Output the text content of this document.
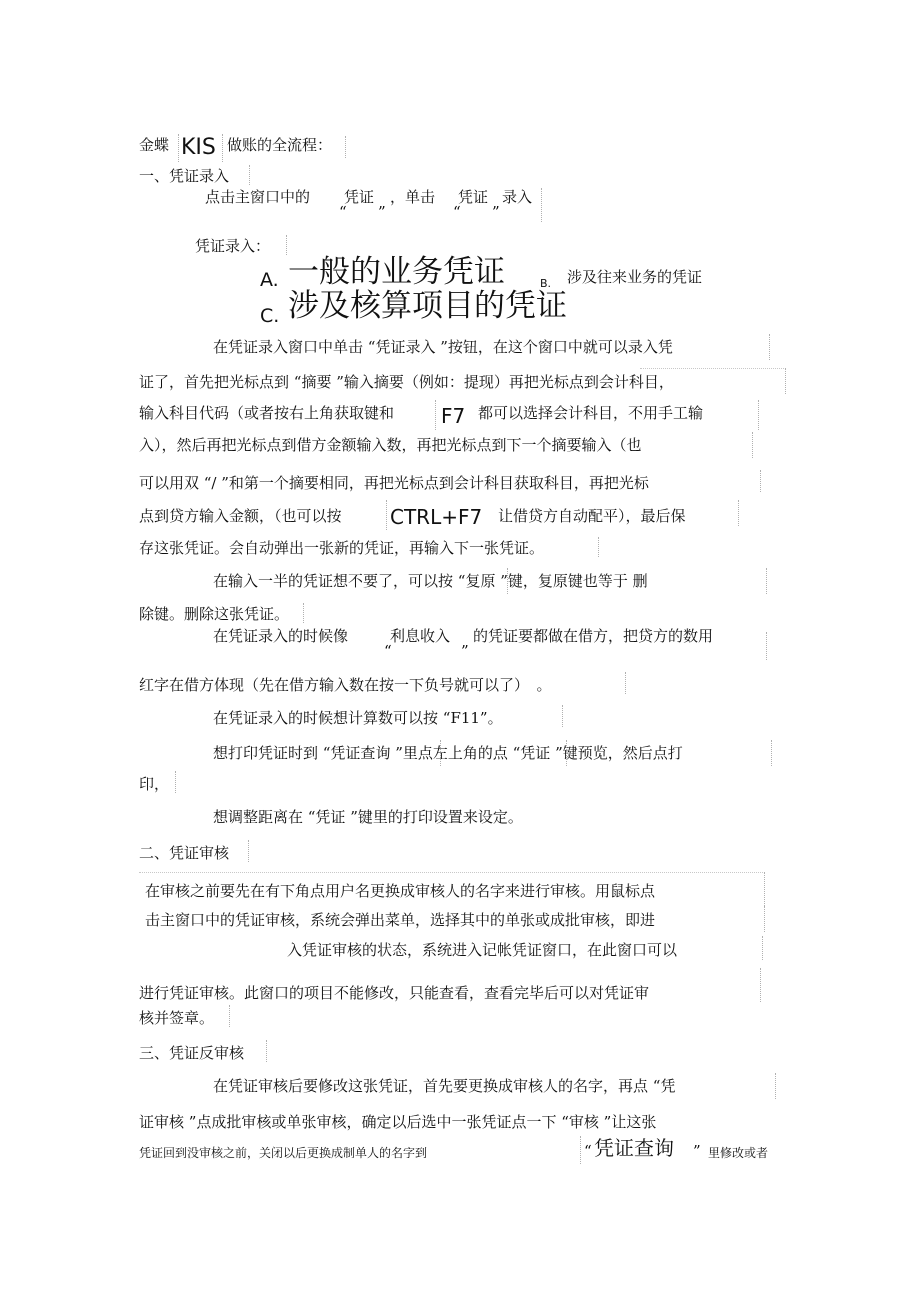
金蝶 KIS 做账的全流程：
一、凭证录入
点击主窗口中的 凭证
“ ”
，单击 凭证
“ ”
录入
凭证录入：
A. 一般的业务凭证	B. 涉及往来业务的凭证
C. 涉及核算项目的凭证
在凭证录入窗口中单击 “凭证录入 ”按钮，在这个窗口中就可以录入凭
证了，首先把光标点到 “摘要 ”输入摘要（例如：提现）再把光标点到会计科目，
输入科目代码（或者按右上角获取键和 F7 都可以选择会计科目，不用手工输
入），然后再把光标点到借方金额输入数，再把光标点到下一个摘要输入（也
可以用双 “/ ”和第一个摘要相同，再把光标点到会计科目获取科目，再把光标
点到贷方输入金额，（也可以按 CTRL+F7 让借贷方自动配平），最后保
存这张凭证。会自动弹出一张新的凭证，再输入下一张凭证。
在输入一半的凭证想不要了，可以按 “复原 ”键，复原键也等于 删
除键。删除这张凭证。
在凭证录入的时候像	利息收入
“	”
的凭证要都做在借方，把贷方的数用
红字在借方体现（先在借方输入数在按一下负号就可以了）　。
在凭证录入的时候想计算数可以按 “F11”。
想打印凭证时到 “凭证查询 ”里点左上角的点 “凭证 ”键预览，然后点打
印，
想调整距离在 “凭证 ”键里的打印设置来设定。
二、凭证审核
在审核之前要先在有下角点用户名更换成审核人的名字来进行审核。用鼠标点
击主窗口中的凭证审核，系统会弹出菜单，选择其中的单张或成批审核，即进
入凭证审核的状态，系统进入记帐凭证窗口，在此窗口可以
进行凭证审核。此窗口的项目不能修改，只能查看，查看完毕后可以对凭证审
核并签章。
三、凭证反审核
在凭证审核后要修改这张凭证，首先要更换成审核人的名字，再点 “凭
证审核 ”点成批审核或单张审核，确定以后选中一张凭证点一下 “审核 ”让这张
凭证回到没审核之前，关闭以后更换成制单人的名字到	“ 凭证查询 ” 里修改或者
